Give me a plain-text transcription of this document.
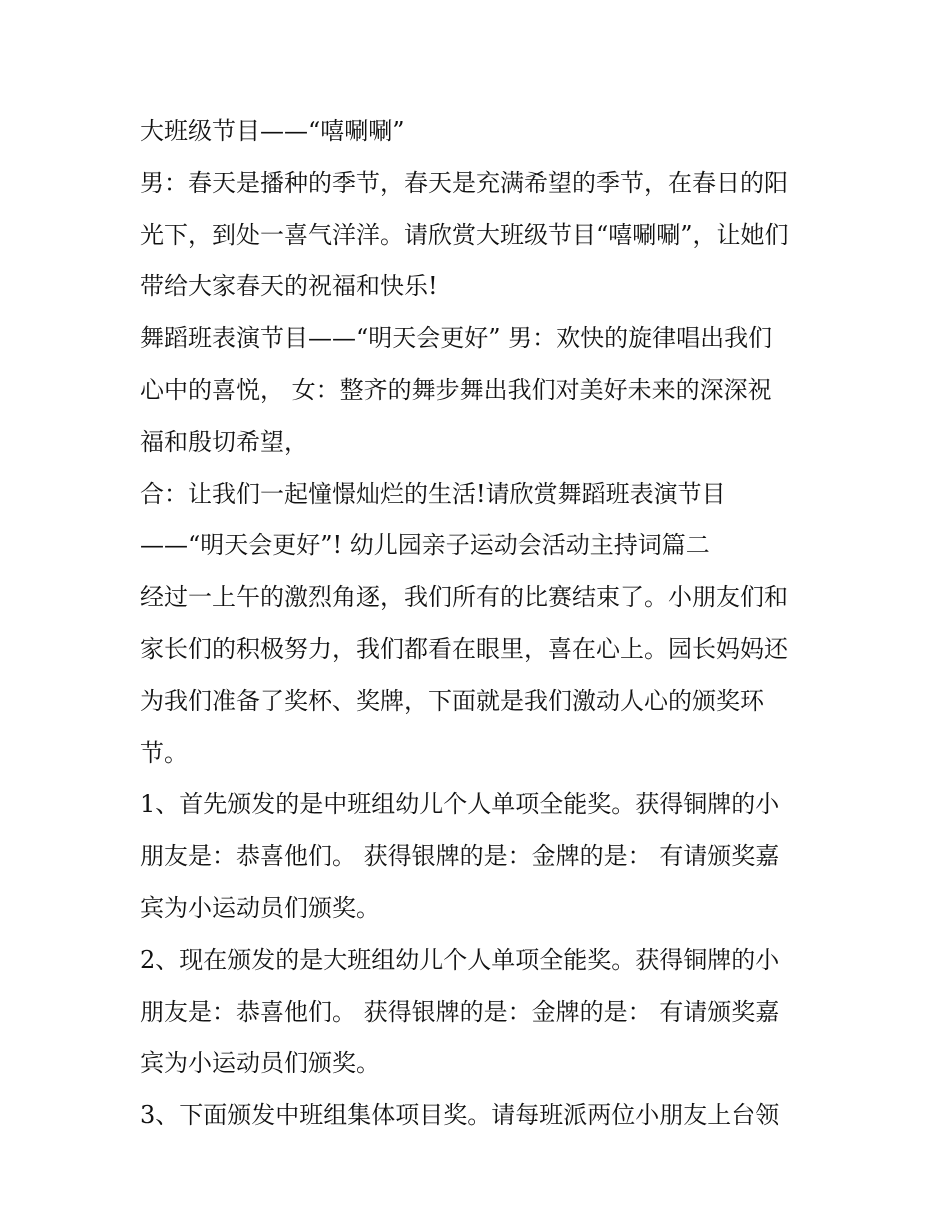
大班级节目——“嘻唰唰”
男：春天是播种的季节，春天是充满希望的季节，在春日的阳
光下，到处一喜气洋洋。请欣赏大班级节目“嘻唰唰”，让她们
带给大家春天的祝福和快乐!
舞蹈班表演节目——“明天会更好” 男：欢快的旋律唱出我们
心中的喜悦， 女：整齐的舞步舞出我们对美好未来的深深祝
福和殷切希望，
合：让我们一起憧憬灿烂的生活!请欣赏舞蹈班表演节目
——“明天会更好”! 幼儿园亲子运动会活动主持词篇二
经过一上午的激烈角逐，我们所有的比赛结束了。小朋友们和
家长们的积极努力，我们都看在眼里，喜在心上。园长妈妈还
为我们准备了奖杯、奖牌，下面就是我们激动人心的颁奖环
节。
1、首先颁发的是中班组幼儿个人单项全能奖。获得铜牌的小
朋友是：恭喜他们。 获得银牌的是：金牌的是： 有请颁奖嘉
宾为小运动员们颁奖。
2、现在颁发的是大班组幼儿个人单项全能奖。获得铜牌的小
朋友是：恭喜他们。 获得银牌的是：金牌的是： 有请颁奖嘉
宾为小运动员们颁奖。
3、下面颁发中班组集体项目奖。请每班派两位小朋友上台领
